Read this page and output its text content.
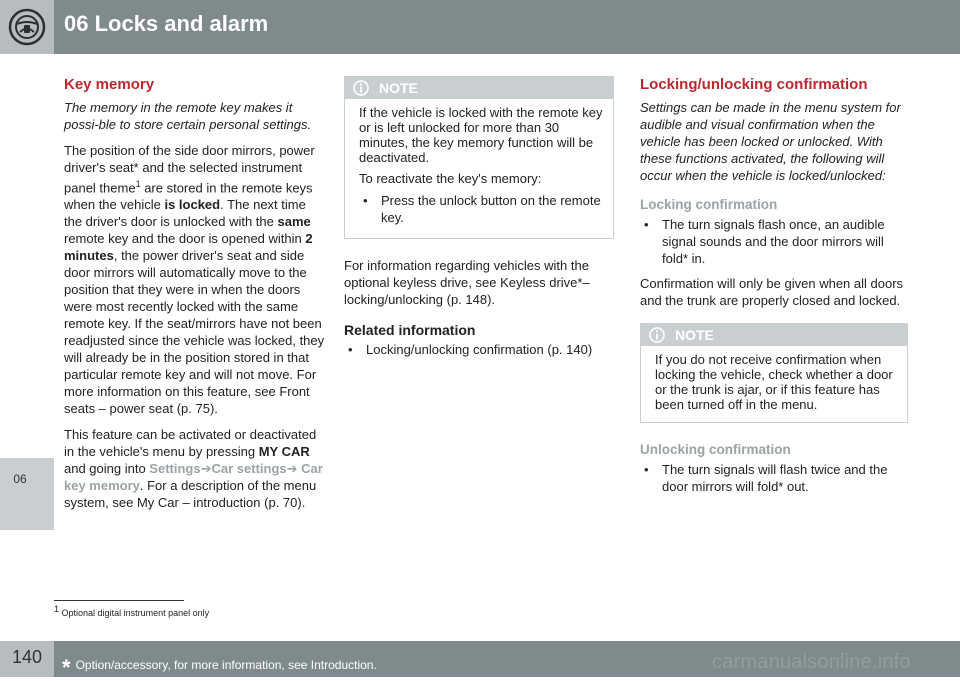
06 Locks and alarm
06
Key memory

The memory in the remote key makes it possi-ble to store certain personal settings.

The position of the side door mirrors, power driver's seat* and the selected instrument panel theme$^1$ are stored in the remote keys when the vehicle is locked. The next time the driver's door is unlocked with the same remote key and the door is opened within 2 minutes, the power driver's seat and side door mirrors will automatically move to the position that they were in when the doors were most recently locked with the same remote key. If the seat/mirrors have not been readjusted since the vehicle was locked, they will already be in the position stored in that particular remote key and will not move. For more information on this feature, see Front seats – power seat (p. 75).

This feature can be activated or deactivated in the vehicle's menu by pressing MY CAR and going into Settings➔Car settings➔ Car key memory. For a description of the menu system, see My Car – introduction (p. 70).

NOTE

If the vehicle is locked with the remote key or is left unlocked for more than 30 minutes, the key memory function will be deactivated.

To reactivate the key's memory:

• Press the unlock button on the remote key.

For information regarding vehicles with the optional keyless drive, see Keyless drive*– locking/unlocking (p. 148).

Related information
• Locking/unlocking confirmation (p. 140)
Locking/unlocking confirmation

Settings can be made in the menu system for audible and visual confirmation when the vehicle has been locked or unlocked. With these functions activated, the following will occur when the vehicle is locked/unlocked:

Locking confirmation
• The turn signals flash once, an audible signal sounds and the door mirrors will fold* in.

Confirmation will only be given when all doors and the trunk are properly closed and locked.

NOTE

If you do not receive confirmation when locking the vehicle, check whether a door or the trunk is ajar, or if this feature has been turned off in the menu.

Unlocking confirmation
• The turn signals will flash twice and the door mirrors will fold* out.
$^1$ Optional digital instrument panel only
140 * Option/accessory, for more information, see Introduction.	carmanualsonline.info
